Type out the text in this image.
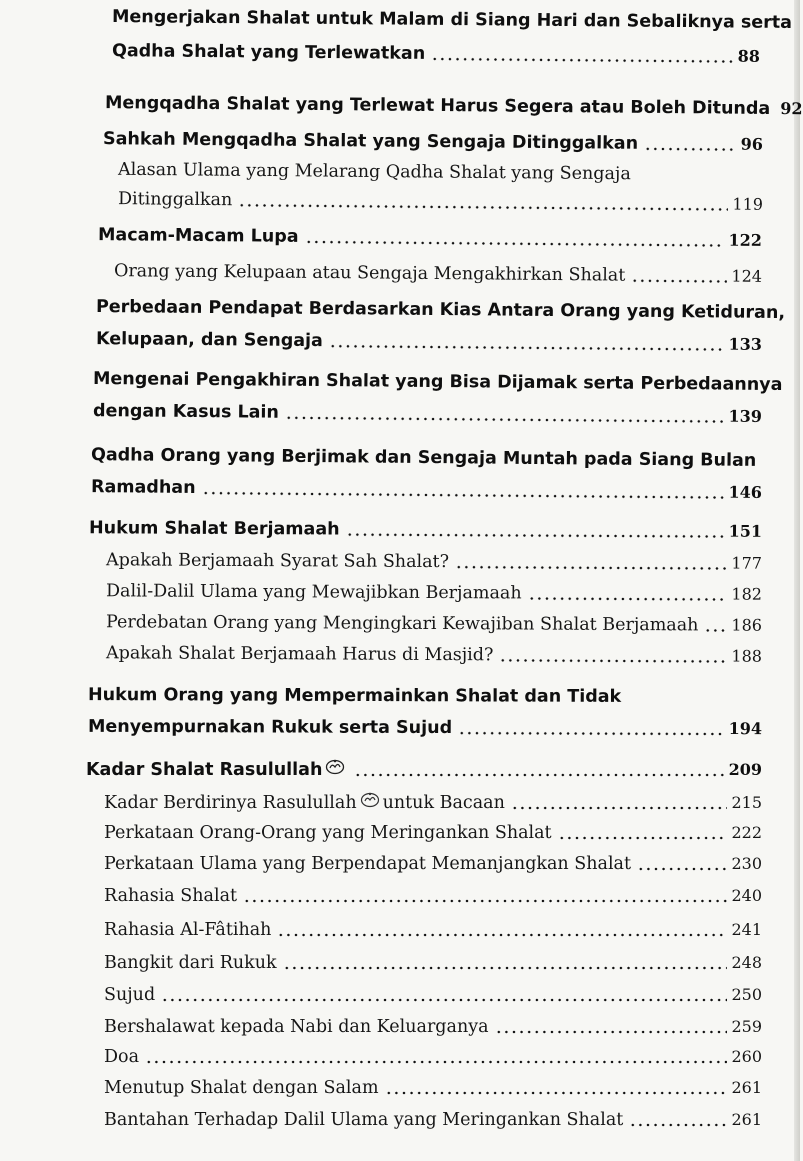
Mengerjakan Shalat untuk Malam di Siang Hari dan Sebaliknya serta
Qadha Shalat yang Terlewatkan	88
Mengqadha Shalat yang Terlewat Harus Segera atau Boleh Ditunda 92
Sahkah Mengqadha Shalat yang Sengaja Ditinggalkan	96
Alasan Ulama yang Melarang Qadha Shalat yang Sengaja
Ditinggalkan	119
Macam-Macam Lupa	122
Orang yang Kelupaan atau Sengaja Mengakhirkan Shalat	124
Perbedaan Pendapat Berdasarkan Kias Antara Orang yang Ketiduran,
Kelupaan, dan Sengaja	133
Mengenai Pengakhiran Shalat yang Bisa Dijamak serta Perbedaannya
dengan Kasus Lain	139
Qadha Orang yang Berjimak dan Sengaja Muntah pada Siang Bulan
Ramadhan	146
Hukum Shalat Berjamaah	151
Apakah Berjamaah Syarat Sah Shalat?	177
Dalil-Dalil Ulama yang Mewajibkan Berjamaah	182
Perdebatan Orang yang Mengingkari Kewajiban Shalat Berjamaah 186
Apakah Shalat Berjamaah Harus di Masjid?	188
Hukum Orang yang Mempermainkan Shalat dan Tidak
Menyempurnakan Rukuk serta Sujud	194
Kadar Shalat Rasulullah	209
Kadar Berdirinya Rasulullah untuk Bacaan	215
Perkataan Orang-Orang yang Meringankan Shalat	222
Perkataan Ulama yang Berpendapat Memanjangkan Shalat	230
Rahasia Shalat	240
Rahasia Al-Fâtihah	241
Bangkit dari Rukuk	248
Sujud	250
Bershalawat kepada Nabi dan Keluarganya	259
Doa	260
Menutup Shalat dengan Salam	261
Bantahan Terhadap Dalil Ulama yang Meringankan Shalat	261
